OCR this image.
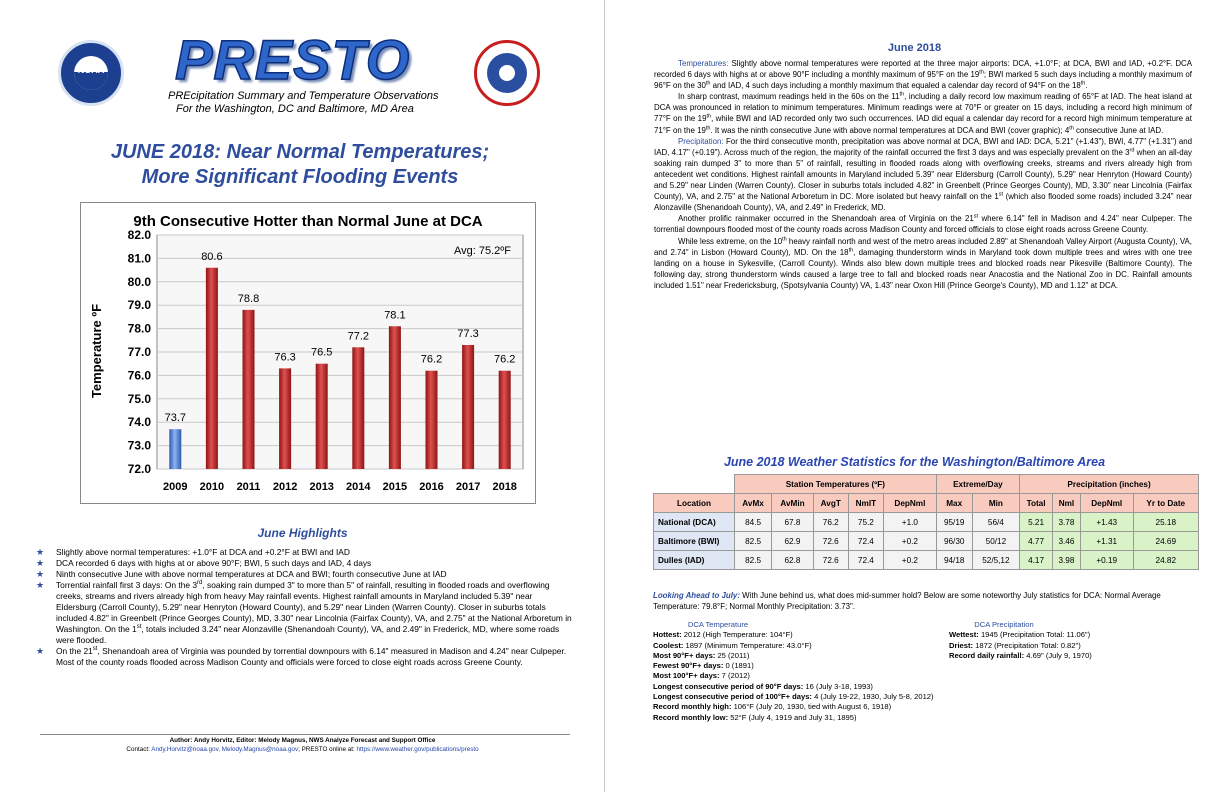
NOAA PRESTO
PREcipitation Summary and Temperature Observations
For the Washington, DC and Baltimore, MD Area
JUNE 2018: Near Normal Temperatures;
More Significant Flooding Events
9th Consecutive Hotter than Normal June at DCA
Temperature ºF
72.0
73.0
74.0
75.0
76.0
77.0
78.0
79.0
80.0
81.0
82.0
73.7
80.6
78.8
76.3 76.5
77.2
78.1
76.2
77.3
76.2
2009 2010 2011 2012 2013 2014 2015 2016 2017 2018
Avg: 75.2ºF
June Highlights
★ Slightly above normal temperatures: +1.0°F at DCA and +0.2°F at BWI and IAD
★ DCA recorded 6 days with highs at or above 90°F; BWI, 5 such days and IAD, 4 days
★ Ninth consecutive June with above normal temperatures at DCA and BWI; fourth consecutive June at IAD
★ Torrential rainfall first 3 days: On the 3rd, soaking rain dumped 3" to more than 5" of rainfall, resulting in flooded roads and overflowing creeks, streams and rivers already high from heavy May rainfall events. Highest rainfall amounts in Maryland included 5.39" near Eldersburg (Carroll County), 5.29" near Henryton (Howard County), and 5.29" near Linden (Warren County). Closer in suburbs totals included 4.82" in Greenbelt (Prince Georges County), MD, 3.30" near Lincolnia (Fairfax County), VA, and 2.75" at the National Arboretum in Washington. On the 1st, totals included 3.24" near Alonzaville (Shenandoah County), VA, and 2.49" in Frederick, MD, where some roads were flooded.
★ On the 21st, Shenandoah area of Virginia was pounded by torrential downpours with 6.14" measured in Madison and 4.24" near Culpeper. Most of the county roads flooded across Madison County and officials were forced to close eight roads across Greene County.
Author: Andy Horvitz, Editor: Melody Magnus, NWS Analyze Forecast and Support Office
Contact: Andy.Horvitz@noaa.gov, Melody.Magnus@noaa.gov; PRESTO online at: https://www.weather.gov/publications/presto
June 2018

Temperatures: Slightly above normal temperatures were reported at the three major airports: DCA, +1.0°F; at DCA, BWI and IAD, +0.2°F. DCA recorded 6 days with highs at or above 90°F including a monthly maximum of 95°F on the 19th; BWI marked 5 such days including a monthly maximum of 96°F on the 30th and IAD, 4 such days including a monthly maximum that equaled a calendar day record of 94°F on the 18th.

In sharp contrast, maximum readings held in the 60s on the 11th, including a daily record low maximum reading of 65°F at IAD. The heat island at DCA was pronounced in relation to minimum temperatures. Minimum readings were at 70°F or greater on 15 days, including a record high minimum of 77°F on the 19th, while BWI and IAD recorded only two such occurrences. IAD did equal a calendar day record for a record high minimum temperature at 71°F on the 19th. It was the ninth consecutive June with above normal temperatures at DCA and BWI (cover graphic); 4th consecutive June at IAD.

Precipitation: For the third consecutive month, precipitation was above normal at DCA, BWI and IAD: DCA, 5.21" (+1.43"), BWI, 4.77" (+1.31") and IAD, 4.17" (+0.19"). Across much of the region, the majority of the rainfall occurred the first 3 days and was especially prevalent on the 3rd when an all-day soaking rain dumped 3" to more than 5" of rainfall, resulting in flooded roads along with overflowing creeks, streams and rivers already high from antecedent wet conditions. Highest rainfall amounts in Maryland included 5.39" near Eldersburg (Carroll County), 5.29" near Henryton (Howard County) and 5.29" near Linden (Warren County). Closer in suburbs totals included 4.82" in Greenbelt (Prince Georges County), MD, 3.30" near Lincolnia (Fairfax County), VA, and 2.75" at the National Arboretum in DC. More isolated but heavy rainfall on the 1st (which also flooded some roads) included 3.24" near Alonzaville (Shenandoah County), VA, and 2.49" in Frederick, MD.

Another prolific rainmaker occurred in the Shenandoah area of Virginia on the 21st where 6.14" fell in Madison and 4.24" near Culpeper. The torrential downpours flooded most of the county roads across Madison County and forced officials to close eight roads across Greene County.

While less extreme, on the 10th heavy rainfall north and west of the metro areas included 2.89" at Shenandoah Valley Airport (Augusta County), VA, and 2.74" in Lisbon (Howard County), MD. On the 18th, damaging thunderstorm winds in Maryland took down multiple trees and wires with one tree landing on a house in Sykesville, (Carroll County). Winds also blew down multiple trees and blocked roads near Pikesville (Baltimore County). The following day, strong thunderstorm winds caused a large tree to fall and blocked roads near Anacostia and the National Zoo in DC. Rainfall amounts included 1.51" near Fredericksburg, (Spotsylvania County) VA, 1.43" near Oxon Hill (Prince George's County), MD and 1.12" at DCA.

June 2018 Weather Statistics for the Washington/Baltimore Area
	Station Temperatures (ºF)					Extreme/Day		Precipitation (inches)			
Location	AvMx	AvMin	AvgT	NmlT	DepNml	Max	Min	Total	Nml	DepNml	Yr to Date
National (DCA)	84.5	67.8	76.2	75.2	+1.0	95/19	56/4	5.21	3.78	+1.43	25.18
Baltimore (BWI)	82.5	62.9	72.6	72.4	+0.2	96/30	50/12	4.77	3.46	+1.31	24.69
Dulles (IAD)	82.5	62.8	72.6	72.4	+0.2	94/18	52/5,12	4.17	3.98	+0.19	24.82
Looking Ahead to July: With June behind us, what does mid-summer hold? Below are some noteworthy July statistics for DCA: Normal Average Temperature: 79.8°F; Normal Monthly Precipitation: 3.73".
DCA Temperature
Hottest: 2012 (High Temperature: 104°F)
Coolest: 1897 (Minimum Temperature: 43.0°F)
Most 90°F+ days: 25 (2011)
Fewest 90°F+ days: 0 (1891)
Most 100°F+ days: 7 (2012)
Longest consecutive period of 90°F days: 16 (July 3-18, 1993)
Longest consecutive period of 100°F+ days: 4 (July 19-22, 1930, July 5-8, 2012)
Record monthly high: 106°F (July 20, 1930, tied with August 6, 1918)
Record monthly low: 52°F (July 4, 1919 and July 31, 1895)
DCA Precipitation
Wettest: 1945 (Precipitation Total: 11.06")
Driest: 1872 (Precipitation Total: 0.82")
Record daily rainfall: 4.69" (July 9, 1970)
